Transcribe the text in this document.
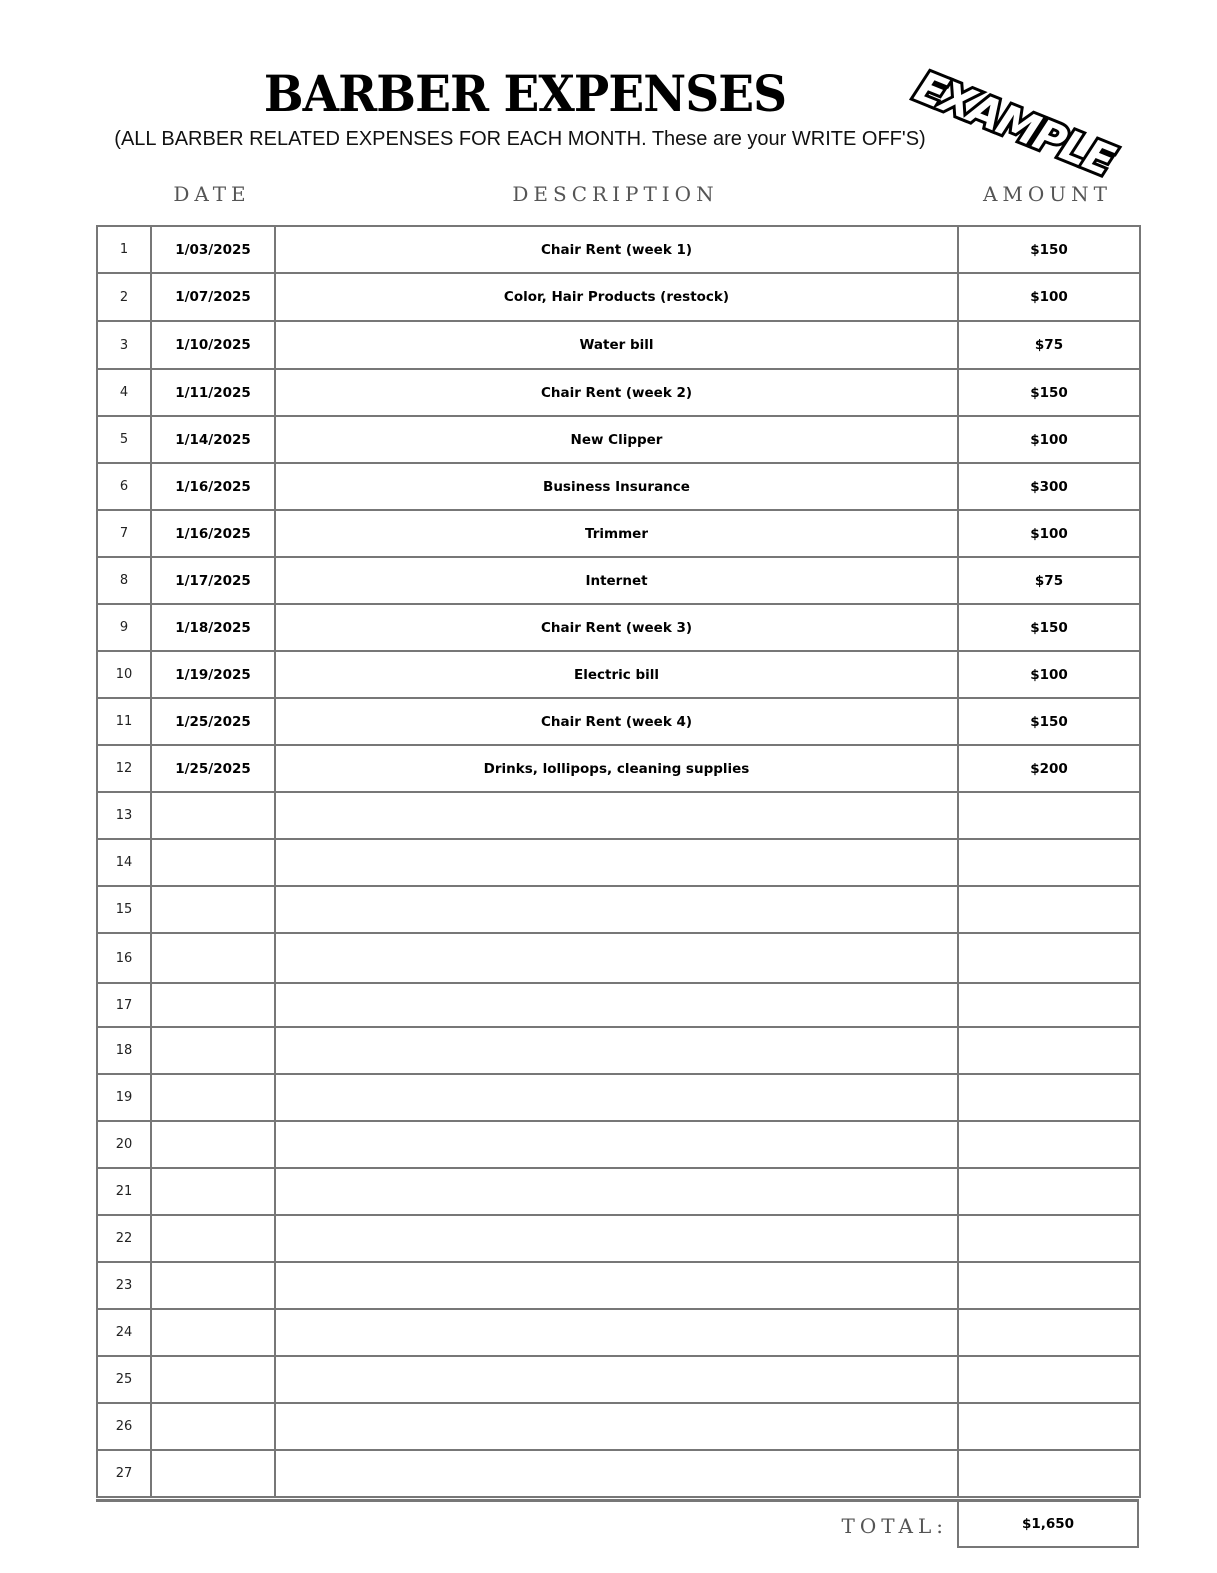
BARBER EXPENSES
(ALL BARBER RELATED EXPENSES FOR EACH MONTH. These are your WRITE OFF'S)
EXAMPLE
DATE	DESCRIPTION	AMOUNT
1	1/03/2025	Chair Rent (week 1)	$150
2	1/07/2025	Color, Hair Products (restock)	$100
3	1/10/2025	Water bill	$75
4	1/11/2025	Chair Rent (week 2)	$150
5	1/14/2025	New Clipper	$100
6	1/16/2025	Business Insurance	$300
7	1/16/2025	Trimmer	$100
8	1/17/2025	Internet	$75
9	1/18/2025	Chair Rent (week 3)	$150
10	1/19/2025	Electric bill	$100
11	1/25/2025	Chair Rent (week 4)	$150
12	1/25/2025	Drinks, lollipops, cleaning supplies	$200
13			
14			
15			
16			
17			
18			
19			
20			
21			
22			
23			
24			
25			
26			
27			
TOTAL:	$1,650
